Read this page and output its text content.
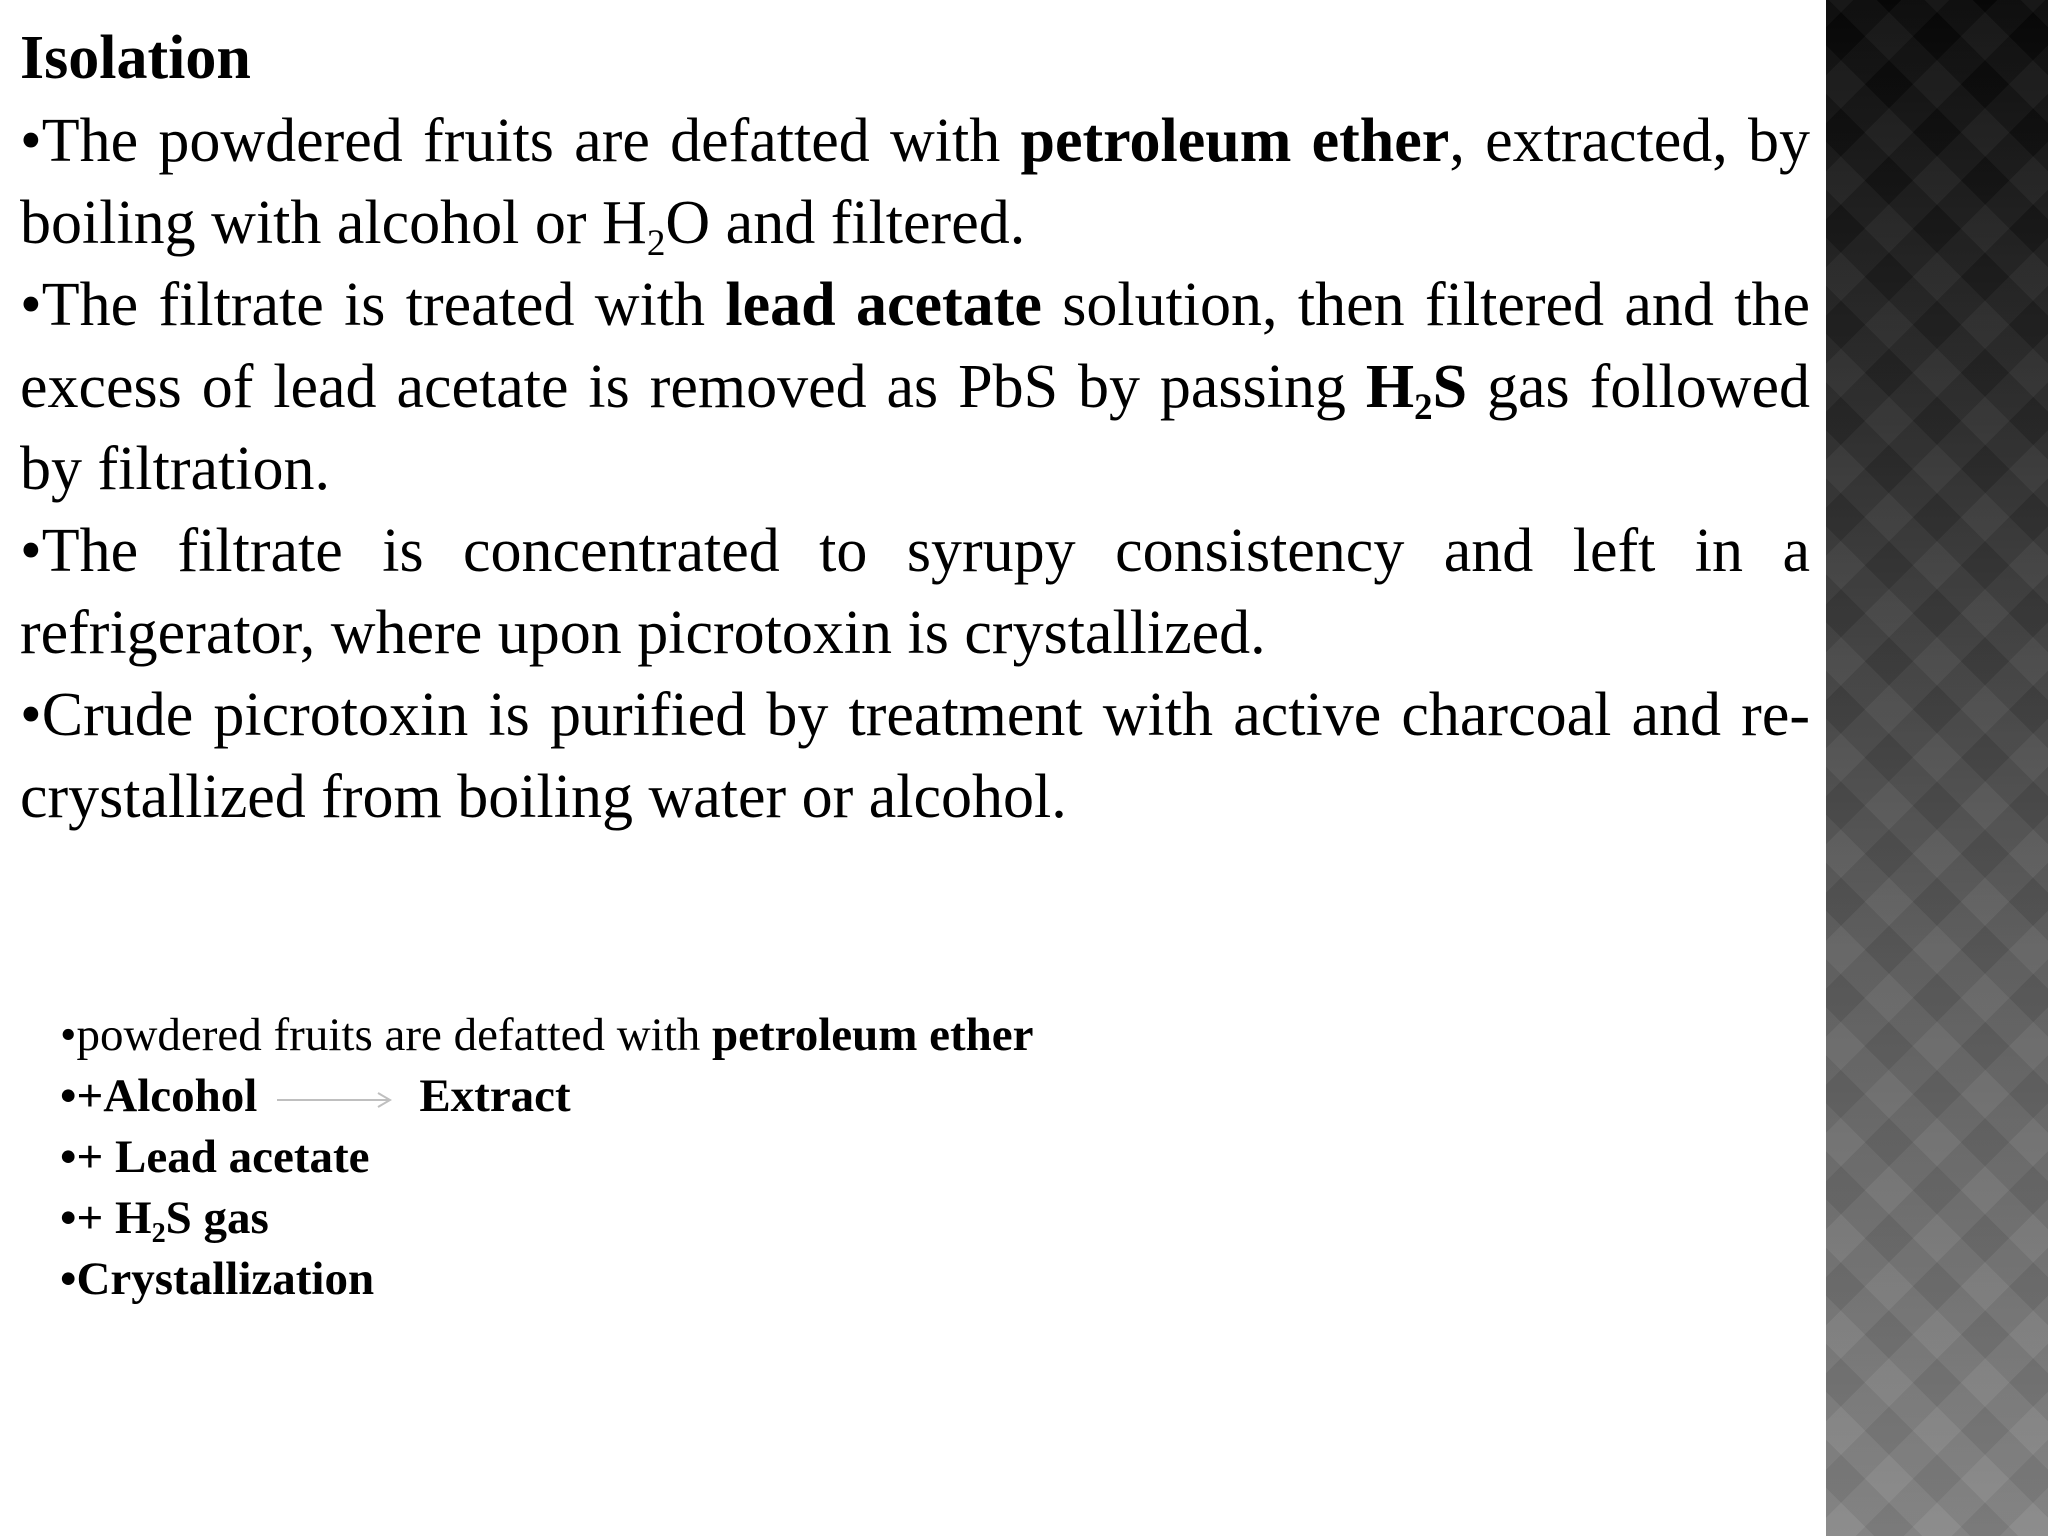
Isolation

•The powdered fruits are defatted with petroleum ether, extracted, by boiling with alcohol or $H_2O$ and filtered.

•The filtrate is treated with lead acetate solution, then filtered and the excess of lead acetate is removed as PbS by passing $H_2S$ gas followed by filtration.

•The filtrate is concentrated to syrupy consistency and left in a refrigerator, where upon picrotoxin is crystallized.

•Crude picrotoxin is purified by treatment with active charcoal and re-crystallized from boiling water or alcohol.

•powdered fruits are defatted with petroleum ether

•+Alcohol	Extract

•+ Lead acetate

•+ $H_2S$ gas

•Crystallization
